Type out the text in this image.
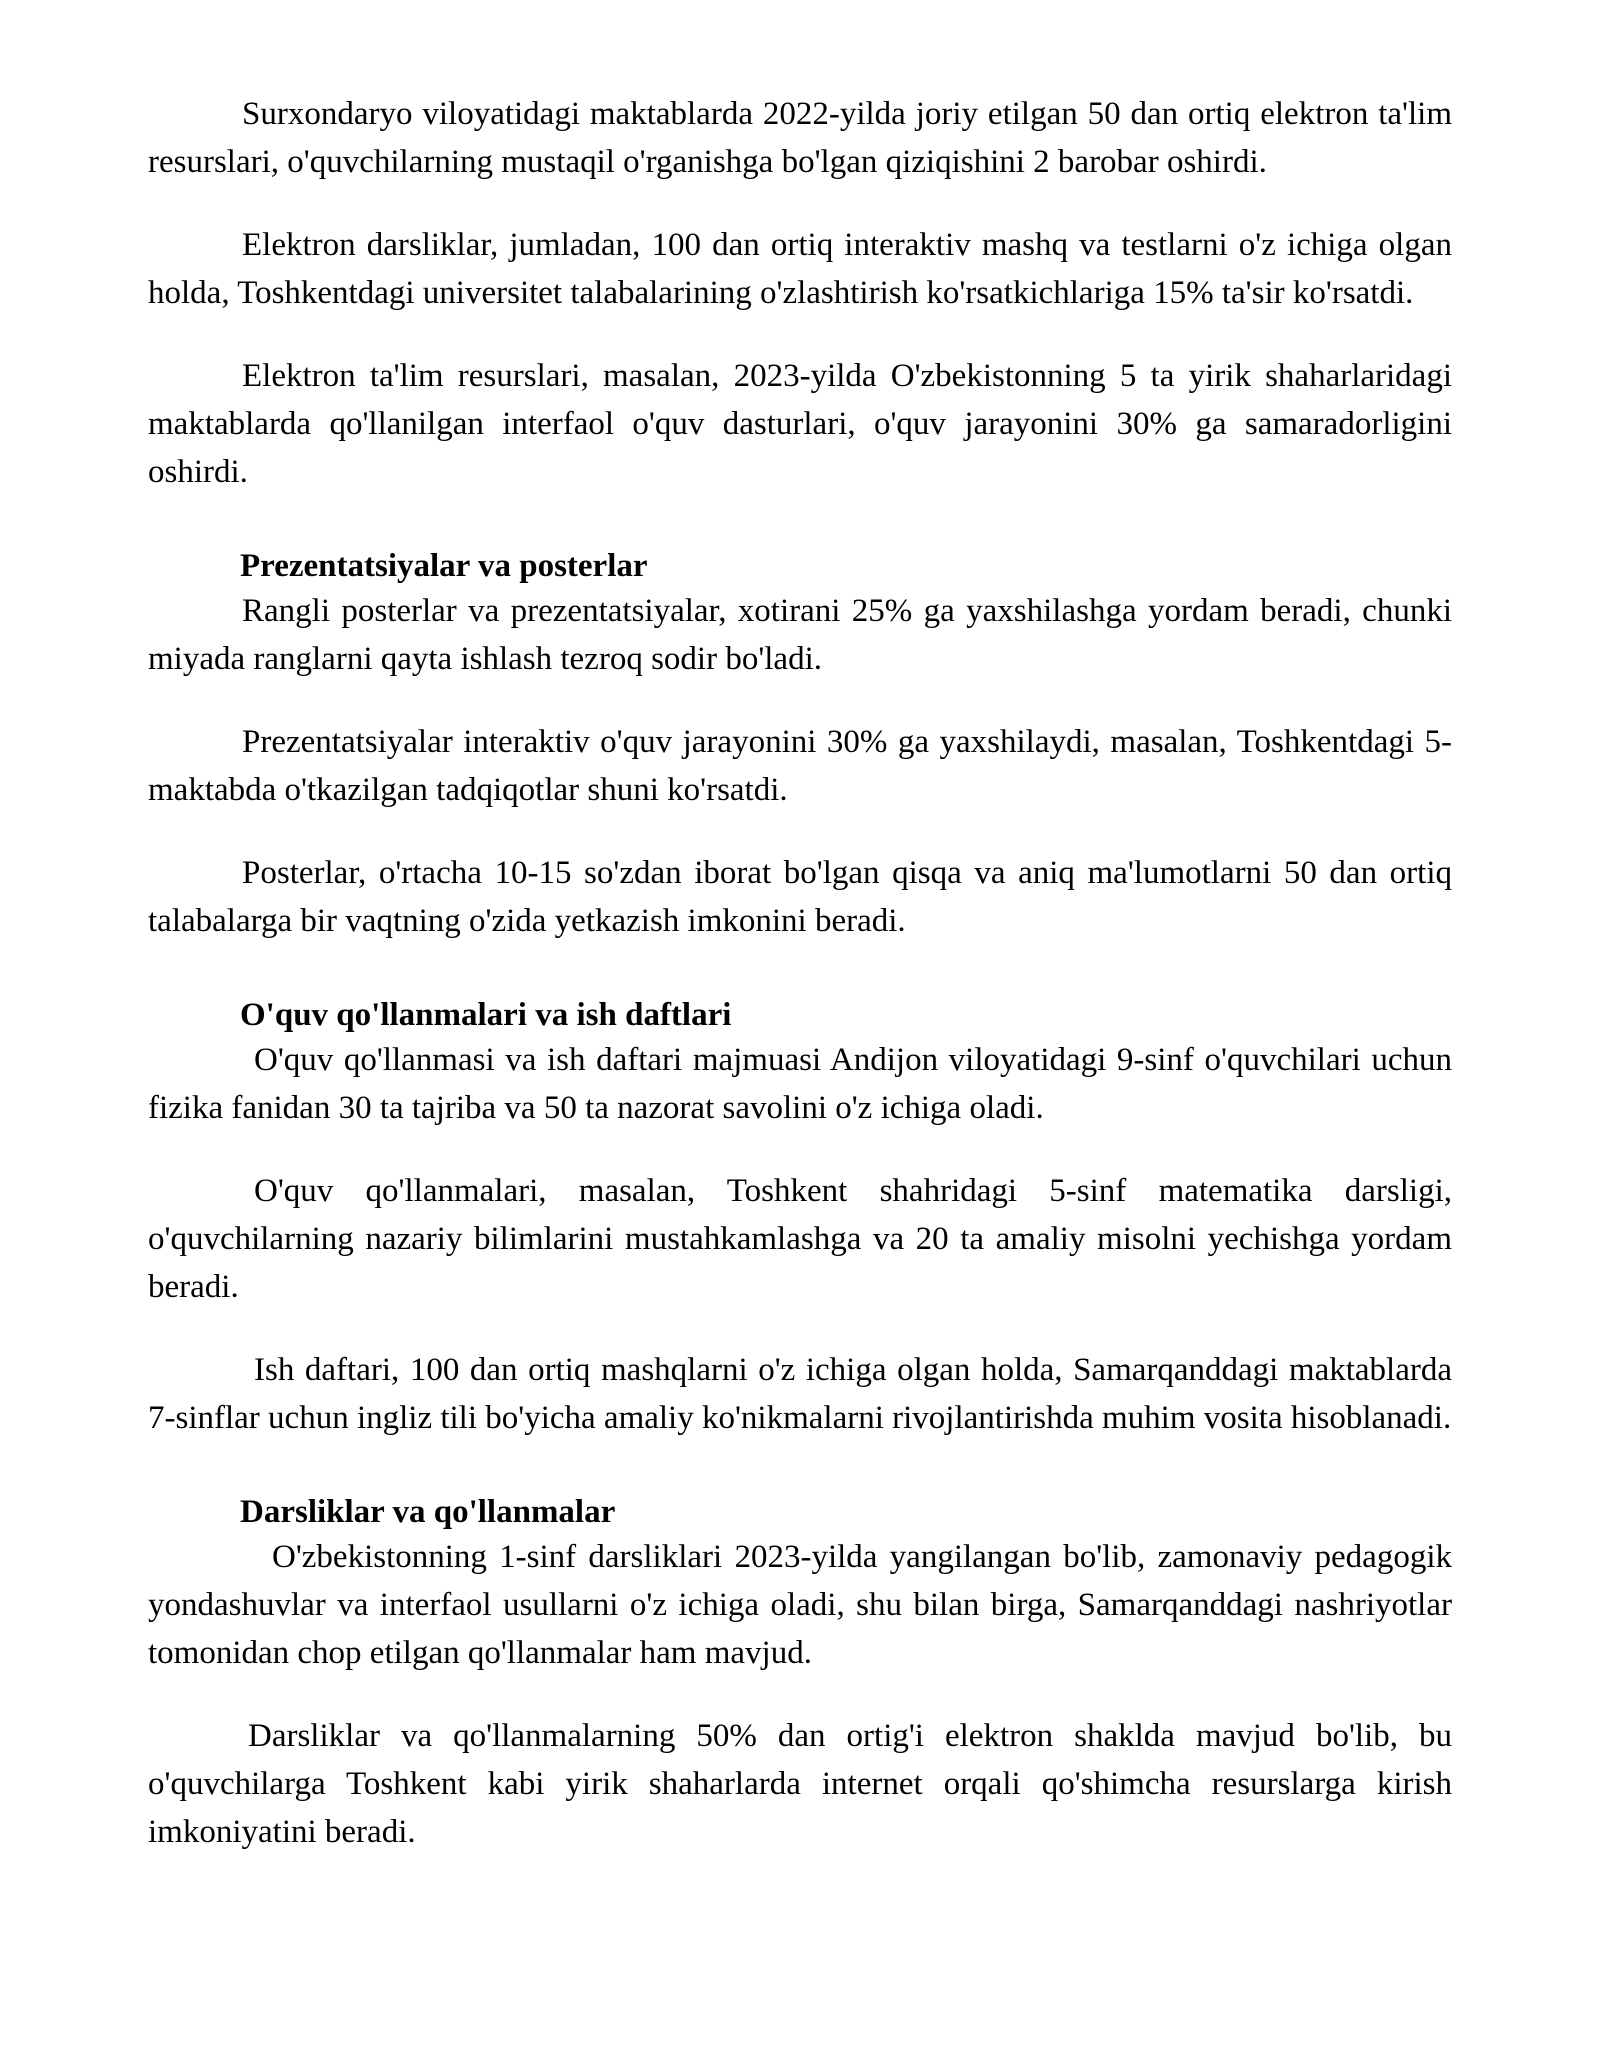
Surxondaryo viloyatidagi maktablarda 2022-yilda joriy etilgan 50 dan ortiq elektron ta'lim resurslari, o'quvchilarning mustaqil o'rganishga bo'lgan qiziqishini 2 barobar oshirdi.

Elektron darsliklar, jumladan, 100 dan ortiq interaktiv mashq va testlarni o'z ichiga olgan holda, Toshkentdagi universitet talabalarining o'zlashtirish ko'rsatkichlariga 15% ta'sir ko'rsatdi.

Elektron ta'lim resurslari, masalan, 2023-yilda O'zbekistonning 5 ta yirik shaharlaridagi maktablarda qo'llanilgan interfaol o'quv dasturlari, o'quv jarayonini 30% ga samaradorligini oshirdi.

Prezentatsiyalar va posterlar

Rangli posterlar va prezentatsiyalar, xotirani 25% ga yaxshilashga yordam beradi, chunki miyada ranglarni qayta ishlash tezroq sodir bo'ladi.

Prezentatsiyalar interaktiv o'quv jarayonini 30% ga yaxshilaydi, masalan, Toshkentdagi 5-maktabda o'tkazilgan tadqiqotlar shuni ko'rsatdi.

Posterlar, o'rtacha 10-15 so'zdan iborat bo'lgan qisqa va aniq ma'lumotlarni 50 dan ortiq talabalarga bir vaqtning o'zida yetkazish imkonini beradi.

O'quv qo'llanmalari va ish daftlari

O'quv qo'llanmasi va ish daftari majmuasi Andijon viloyatidagi 9-sinf o'quvchilari uchun fizika fanidan 30 ta tajriba va 50 ta nazorat savolini o'z ichiga oladi.

O'quv qo'llanmalari, masalan, Toshkent shahridagi 5-sinf matematika darsligi, o'quvchilarning nazariy bilimlarini mustahkamlashga va 20 ta amaliy misolni yechishga yordam beradi.

Ish daftari, 100 dan ortiq mashqlarni o'z ichiga olgan holda, Samarqanddagi maktablarda 7-sinflar uchun ingliz tili bo'yicha amaliy ko'nikmalarni rivojlantirishda muhim vosita hisoblanadi.

Darsliklar va qo'llanmalar

O'zbekistonning 1-sinf darsliklari 2023-yilda yangilangan bo'lib, zamonaviy pedagogik yondashuvlar va interfaol usullarni o'z ichiga oladi, shu bilan birga, Samarqanddagi nashriyotlar tomonidan chop etilgan qo'llanmalar ham mavjud.

Darsliklar va qo'llanmalarning 50% dan ortig'i elektron shaklda mavjud bo'lib, bu o'quvchilarga Toshkent kabi yirik shaharlarda internet orqali qo'shimcha resurslarga kirish imkoniyatini beradi.
